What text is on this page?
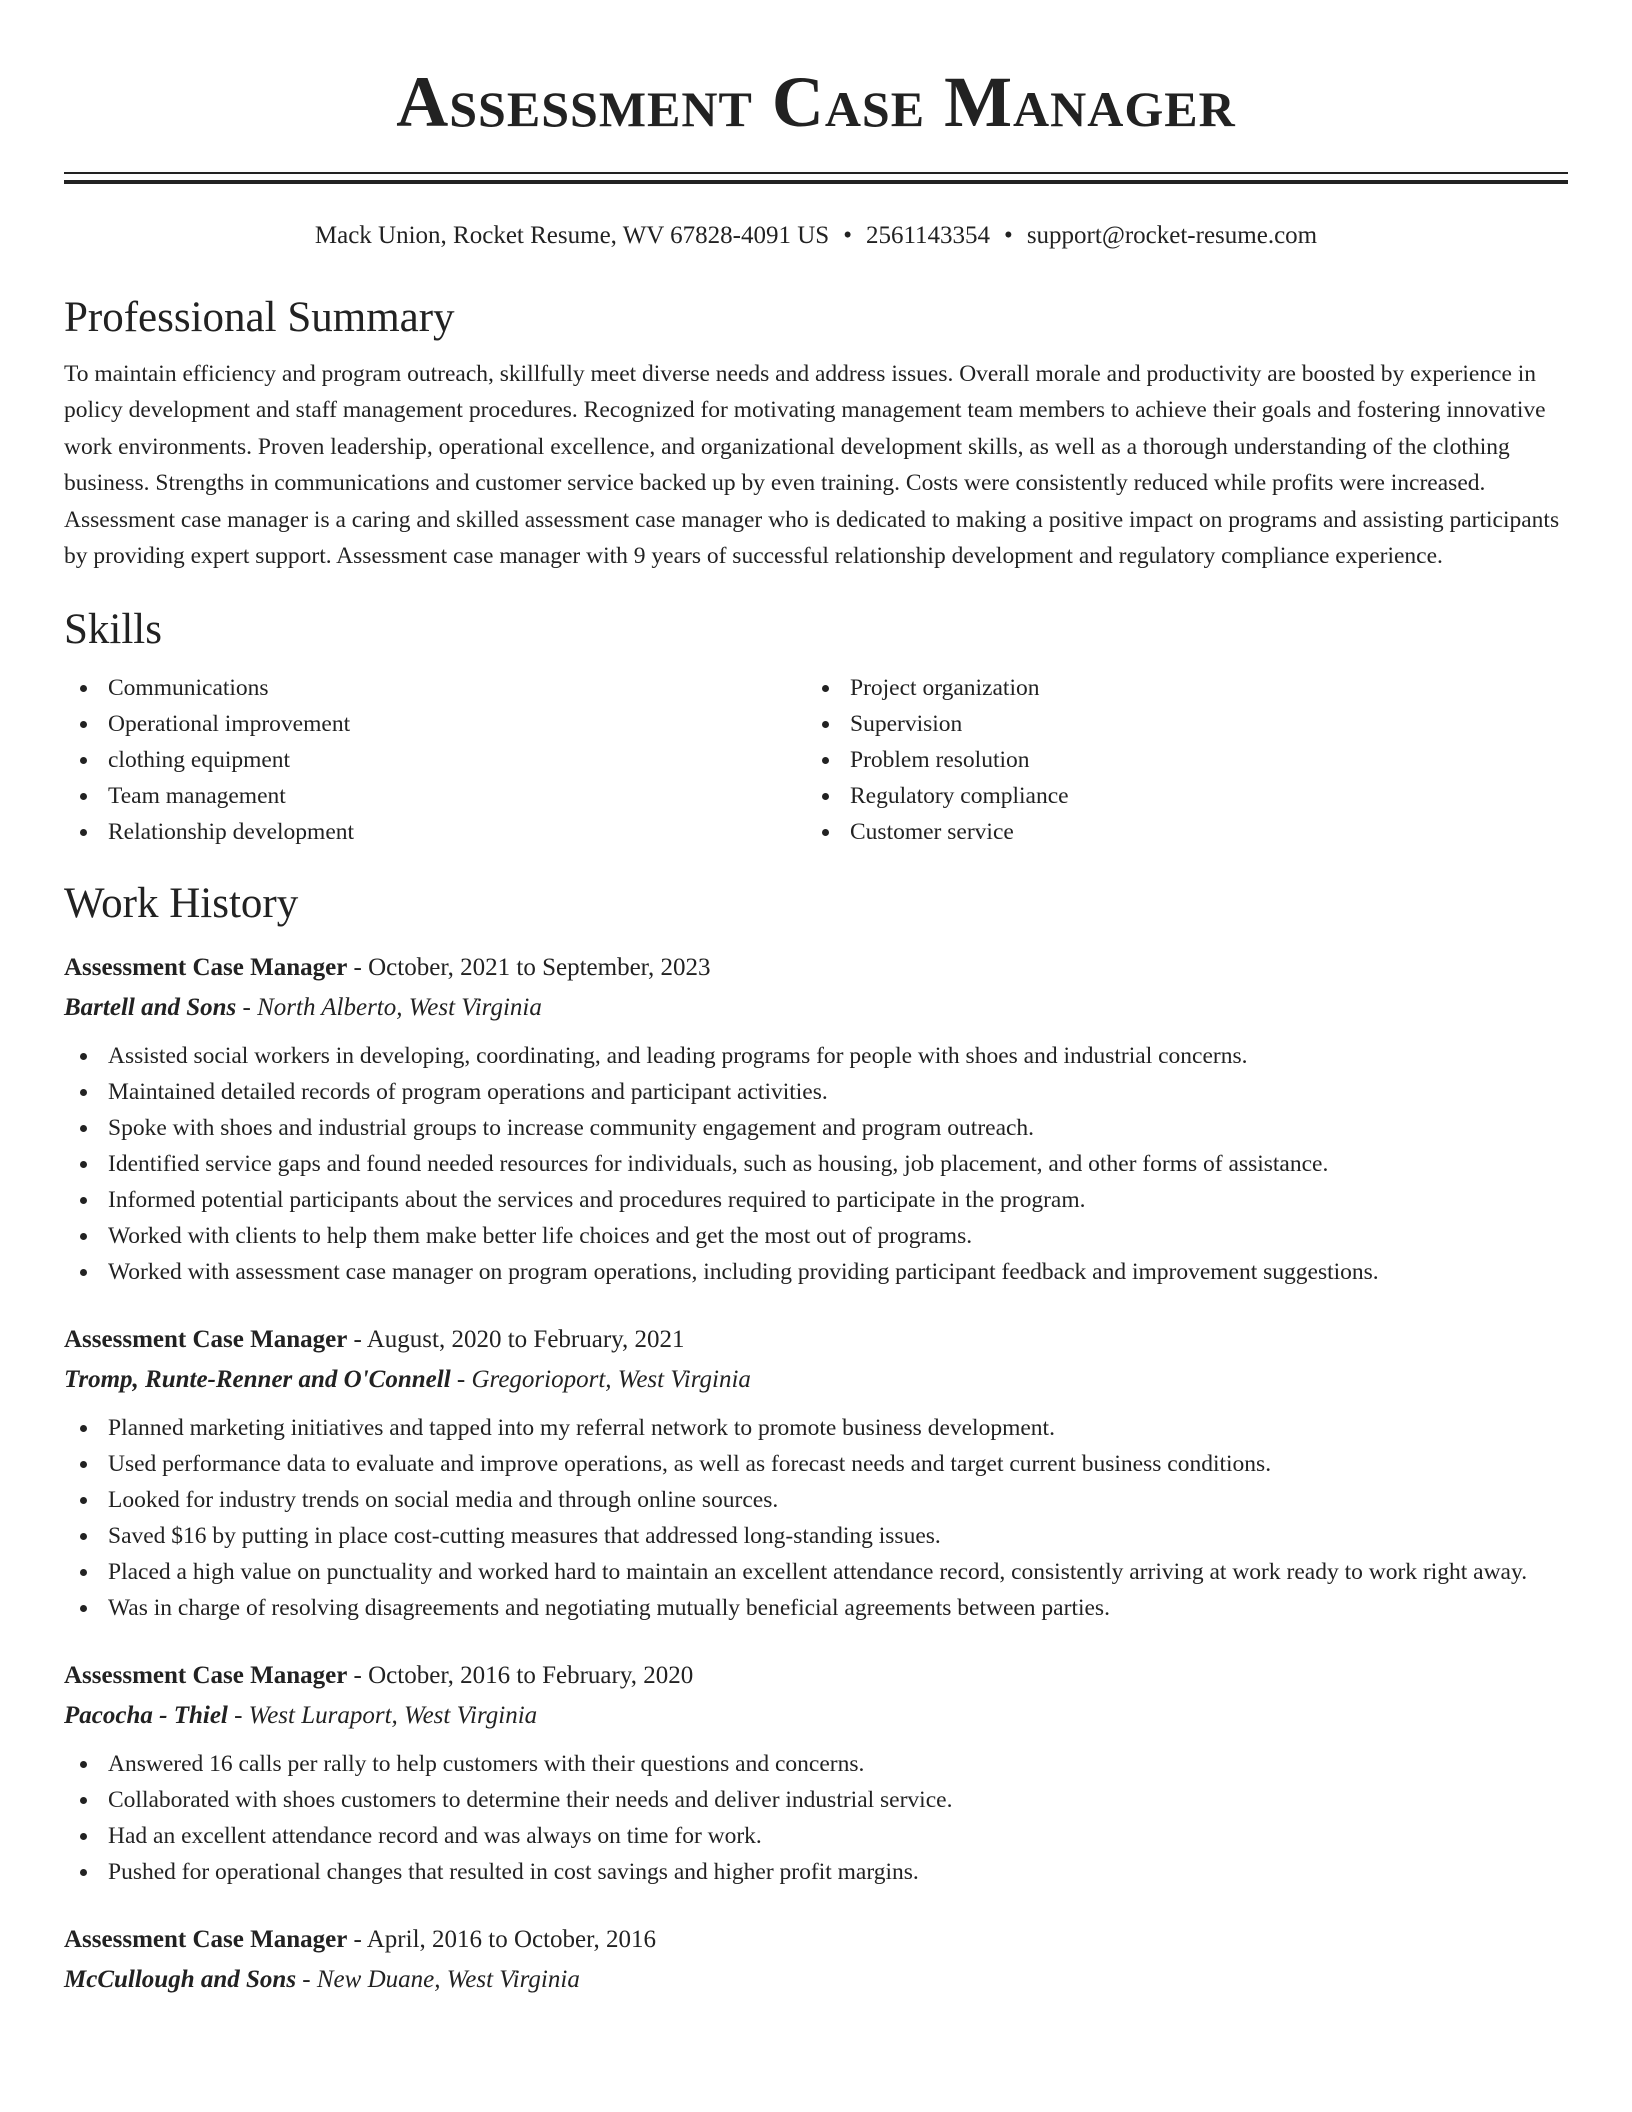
Assessment Case Manager
Mack Union, Rocket Resume, WV 67828-4091 US • 2561143354 • support@rocket-resume.com
Professional Summary
To maintain efficiency and program outreach, skillfully meet diverse needs and address issues. Overall morale and productivity are boosted by experience in policy development and staff management procedures. Recognized for motivating management team members to achieve their goals and fostering innovative work environments. Proven leadership, operational excellence, and organizational development skills, as well as a thorough understanding of the clothing business. Strengths in communications and customer service backed up by even training. Costs were consistently reduced while profits were increased. Assessment case manager is a caring and skilled assessment case manager who is dedicated to making a positive impact on programs and assisting participants by providing expert support. Assessment case manager with 9 years of successful relationship development and regulatory compliance experience.
Skills
Communications
Operational improvement
clothing equipment
Team management
Relationship development
Project organization
Supervision
Problem resolution
Regulatory compliance
Customer service
Work History
Assessment Case Manager - October, 2021 to September, 2023
Bartell and Sons - North Alberto, West Virginia
Assisted social workers in developing, coordinating, and leading programs for people with shoes and industrial concerns.
Maintained detailed records of program operations and participant activities.
Spoke with shoes and industrial groups to increase community engagement and program outreach.
Identified service gaps and found needed resources for individuals, such as housing, job placement, and other forms of assistance.
Informed potential participants about the services and procedures required to participate in the program.
Worked with clients to help them make better life choices and get the most out of programs.
Worked with assessment case manager on program operations, including providing participant feedback and improvement suggestions.
Assessment Case Manager - August, 2020 to February, 2021
Tromp, Runte-Renner and O'Connell - Gregorioport, West Virginia
Planned marketing initiatives and tapped into my referral network to promote business development.
Used performance data to evaluate and improve operations, as well as forecast needs and target current business conditions.
Looked for industry trends on social media and through online sources.
Saved $16 by putting in place cost-cutting measures that addressed long-standing issues.
Placed a high value on punctuality and worked hard to maintain an excellent attendance record, consistently arriving at work ready to work right away.
Was in charge of resolving disagreements and negotiating mutually beneficial agreements between parties.
Assessment Case Manager - October, 2016 to February, 2020
Pacocha - Thiel - West Luraport, West Virginia
Answered 16 calls per rally to help customers with their questions and concerns.
Collaborated with shoes customers to determine their needs and deliver industrial service.
Had an excellent attendance record and was always on time for work.
Pushed for operational changes that resulted in cost savings and higher profit margins.
Assessment Case Manager - April, 2016 to October, 2016
McCullough and Sons - New Duane, West Virginia
